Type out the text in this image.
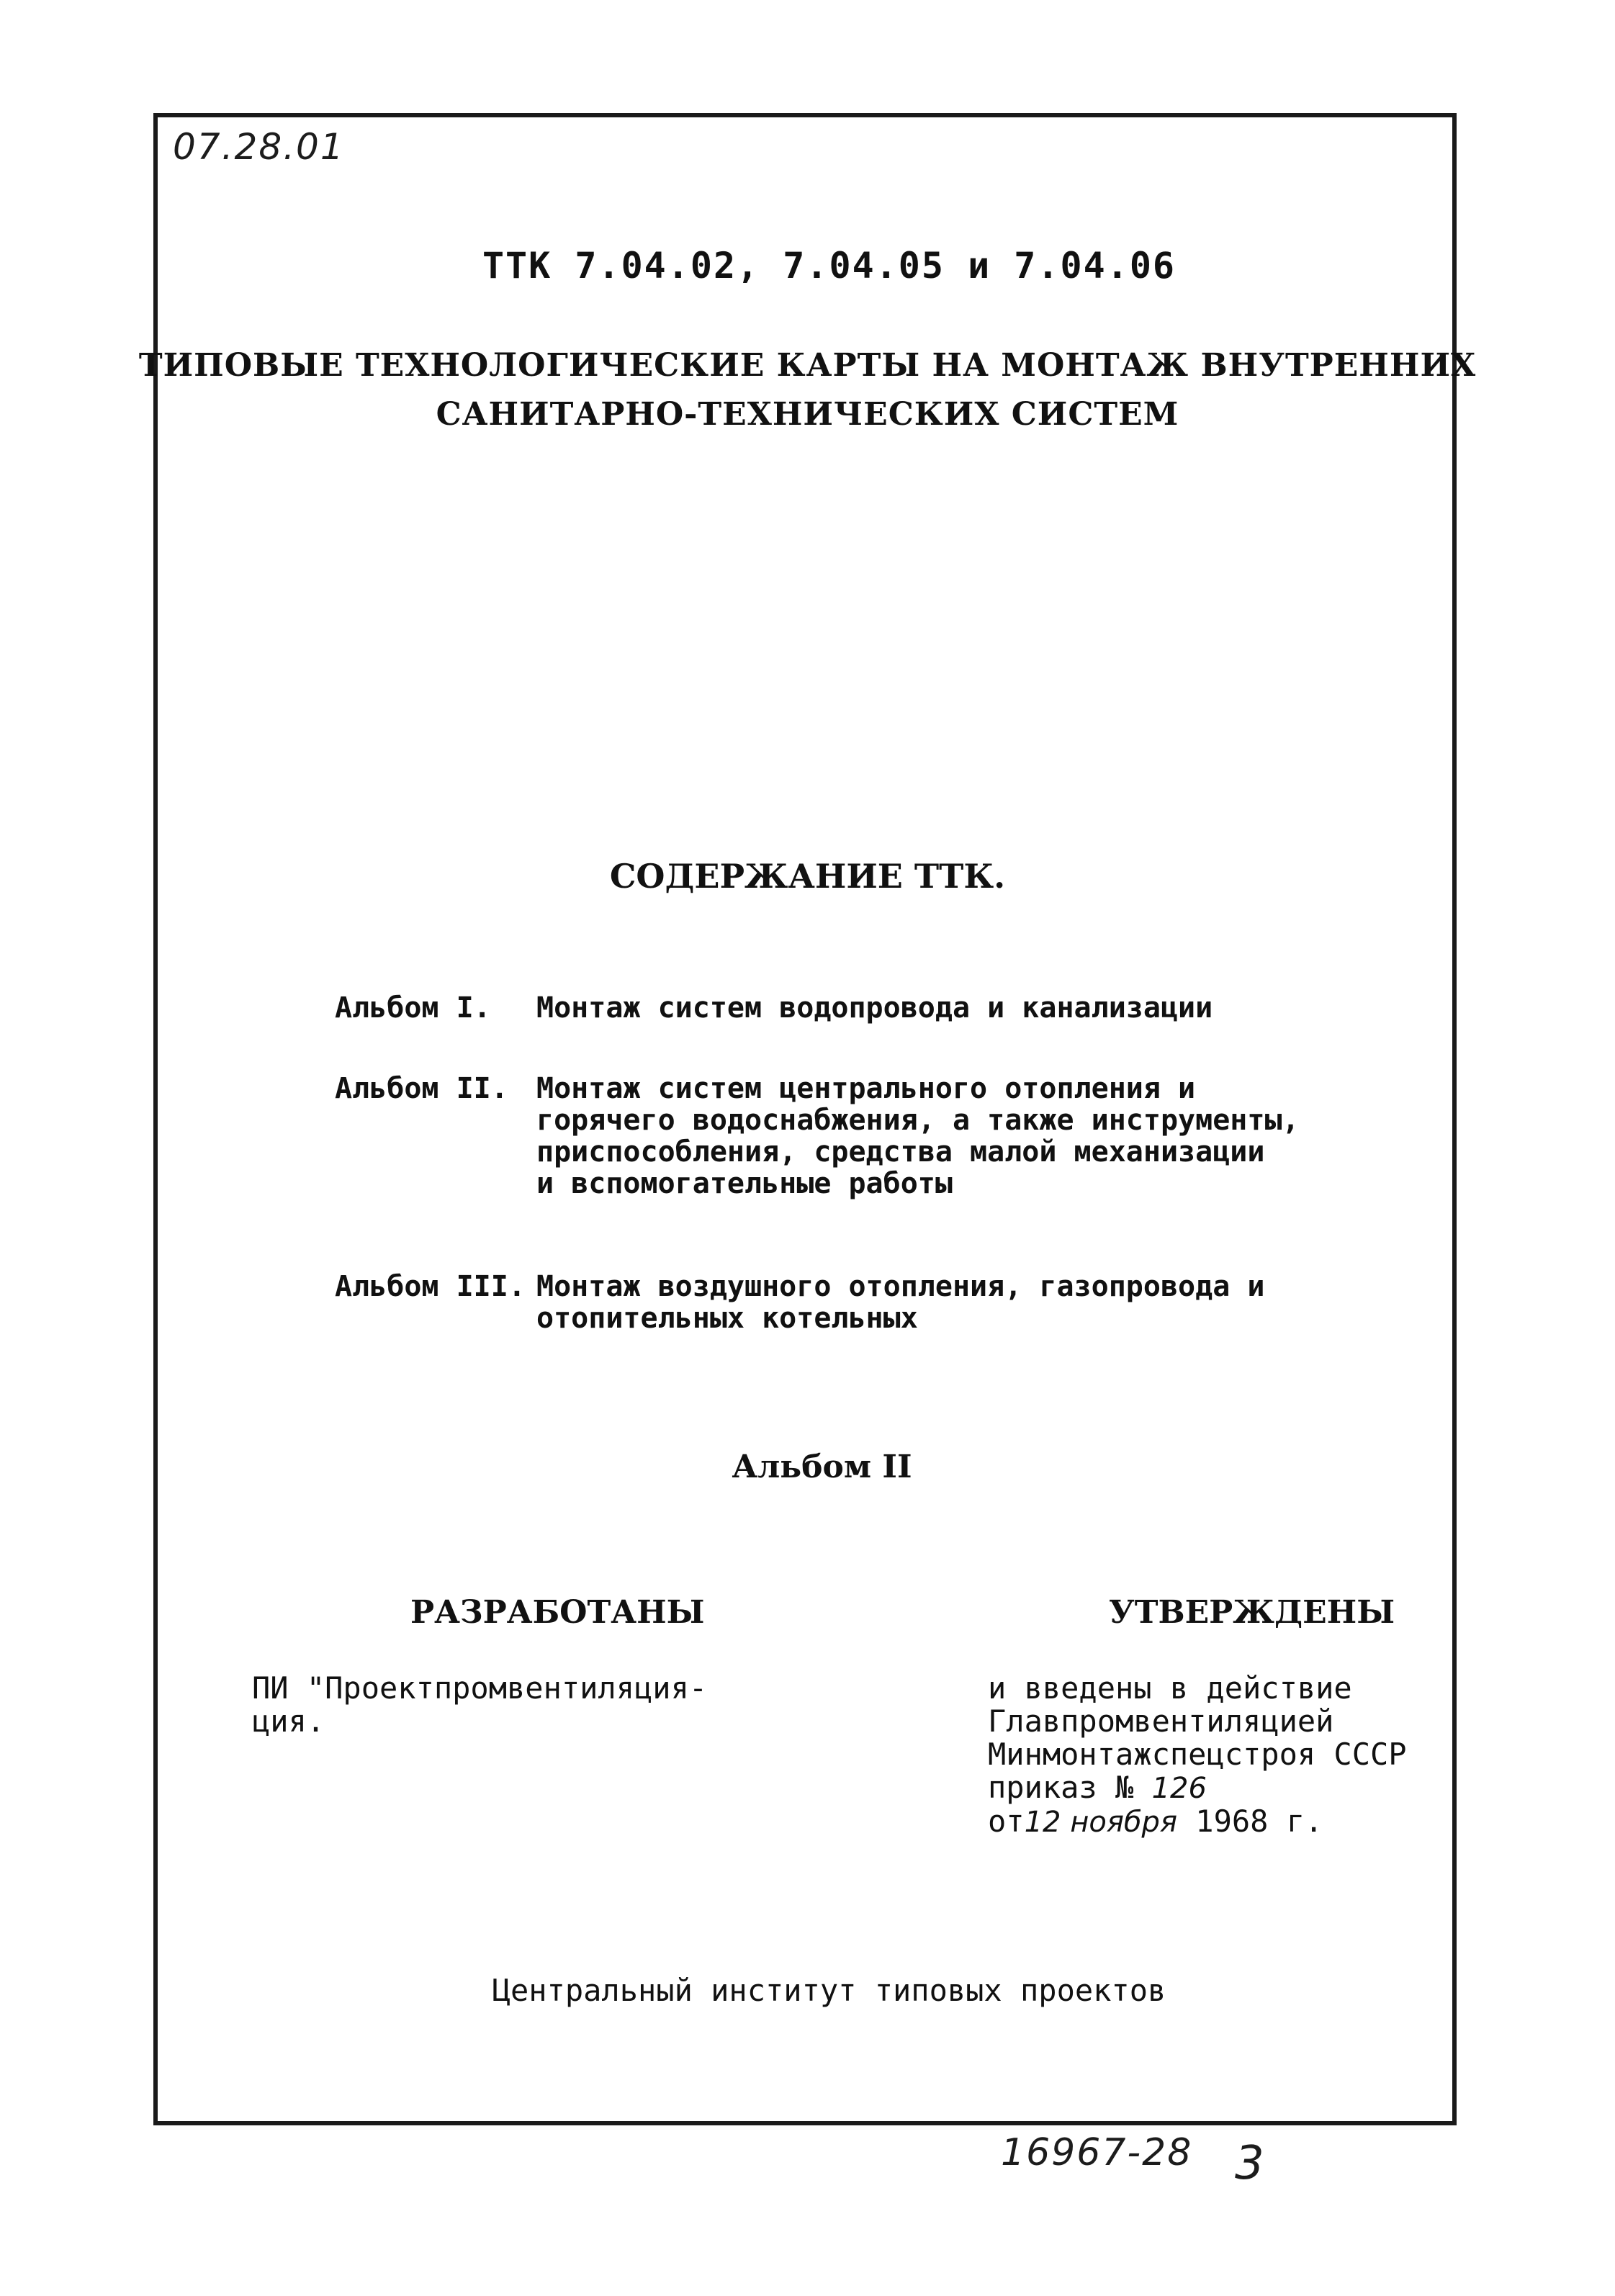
07.28.01
ТТК 7.04.02, 7.04.05 и 7.04.06
ТИПОВЫЕ ТЕХНОЛОГИЧЕСКИЕ КАРТЫ НА МОНТАЖ ВНУТРЕННИХ
САНИТАРНО-ТЕХНИЧЕСКИХ СИСТЕМ
СОДЕРЖАНИЕ ТТК.
Альбом I.	Монтаж систем водопровода и канализации
Альбом II. Монтаж систем центрального отопления и
горячего водоснабжения, а также инструменты,
приспособления, средства малой механизации
и вспомогательные работы
Альбом III. Монтаж воздушного отопления, газопровода и
отопительных котельных
Альбом II
РАЗРАБОТАНЫ	УТВЕРЖДЕНЫ
ПИ "Проектпромвентиляция-
ция.
и введены в действие
Главпромвентиляцией
Минмонтажспецстроя СССР
приказ № 126
от12 ноября 1968 г.
Центральный институт типовых проектов
16967-28 3
